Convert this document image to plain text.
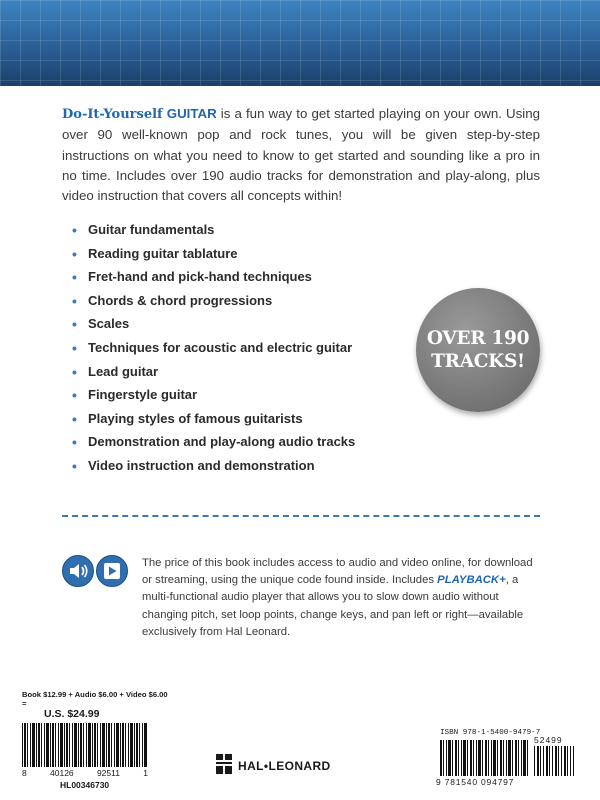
Do-It-Yourself GUITAR is a fun way to get started playing on your own. Using over 90 well-known pop and rock tunes, you will be given step-by-step instructions on what you need to know to get started and sounding like a pro in no time. Includes over 190 audio tracks for demonstration and play-along, plus video instruction that covers all concepts within!

• Guitar fundamentals
• Reading guitar tablature
• Fret-hand and pick-hand techniques
• Chords & chord progressions
• Scales
• Techniques for acoustic and electric guitar
• Lead guitar
• Fingerstyle guitar
• Playing styles of famous guitarists
• Demonstration and play-along audio tracks
• Video instruction and demonstration
OVER 190
TRACKS!

The price of this book includes access to audio and video online, for download or streaming, using the unique code found inside. Includes PLAYBACK+, a multi-functional audio player that allows you to slow down audio without changing pitch, set loop points, change keys, and pan left or right—available exclusively from Hal Leonard.

Book $12.99 + Audio $6.00 + Video $6.00 =
U.S. $24.99
8	40126	92511	1
HL00346730
HAL•LEONARD
ISBN 978-1-5400-9479-7
52499
9 781540 094797
